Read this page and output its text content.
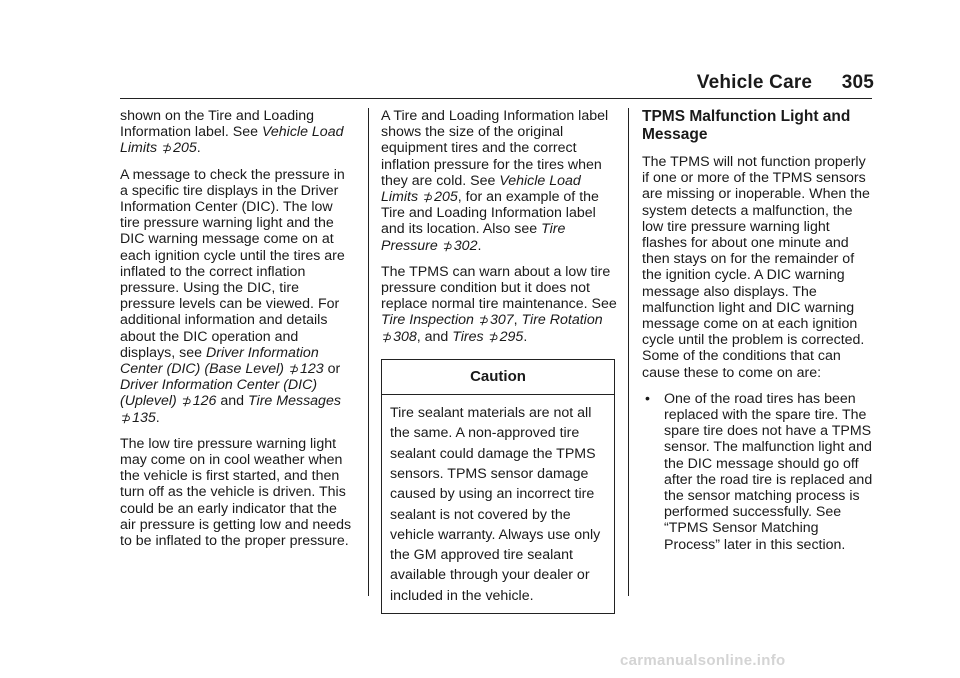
Vehicle Care 305

shown on the Tire and Loading Information label. See Vehicle Load Limits ⊅205.

A message to check the pressure in a specific tire displays in the Driver Information Center (DIC). The low tire pressure warning light and the DIC warning message come on at each ignition cycle until the tires are inflated to the correct inflation pressure. Using the DIC, tire pressure levels can be viewed. For additional information and details about the DIC operation and displays, see Driver Information Center (DIC) (Base Level) ⊅123 or Driver Information Center (DIC) (Uplevel) ⊅126 and Tire Messages ⊅135.

The low tire pressure warning light may come on in cool weather when the vehicle is first started, and then turn off as the vehicle is driven. This could be an early indicator that the air pressure is getting low and needs to be inflated to the proper pressure.

A Tire and Loading Information label shows the size of the original equipment tires and the correct inflation pressure for the tires when they are cold. See Vehicle Load Limits ⊅205, for an example of the Tire and Loading Information label and its location. Also see Tire Pressure ⊅302.

The TPMS can warn about a low tire pressure condition but it does not replace normal tire maintenance. See Tire Inspection ⊅307, Tire Rotation ⊅308, and Tires ⊅295.

Caution
Tire sealant materials are not all the same. A non-approved tire sealant could damage the TPMS sensors. TPMS sensor damage caused by using an incorrect tire sealant is not covered by the vehicle warranty. Always use only the GM approved tire sealant available through your dealer or included in the vehicle.
TPMS Malfunction Light and Message

The TPMS will not function properly if one or more of the TPMS sensors are missing or inoperable. When the system detects a malfunction, the low tire pressure warning light flashes for about one minute and then stays on for the remainder of the ignition cycle. A DIC warning message also displays. The malfunction light and DIC warning message come on at each ignition cycle until the problem is corrected. Some of the conditions that can cause these to come on are:

• One of the road tires has been replaced with the spare tire. The spare tire does not have a TPMS sensor. The malfunction light and the DIC message should go off after the road tire is replaced and the sensor matching process is performed successfully. See “TPMS Sensor Matching Process” later in this section.
carmanualsonline.info
